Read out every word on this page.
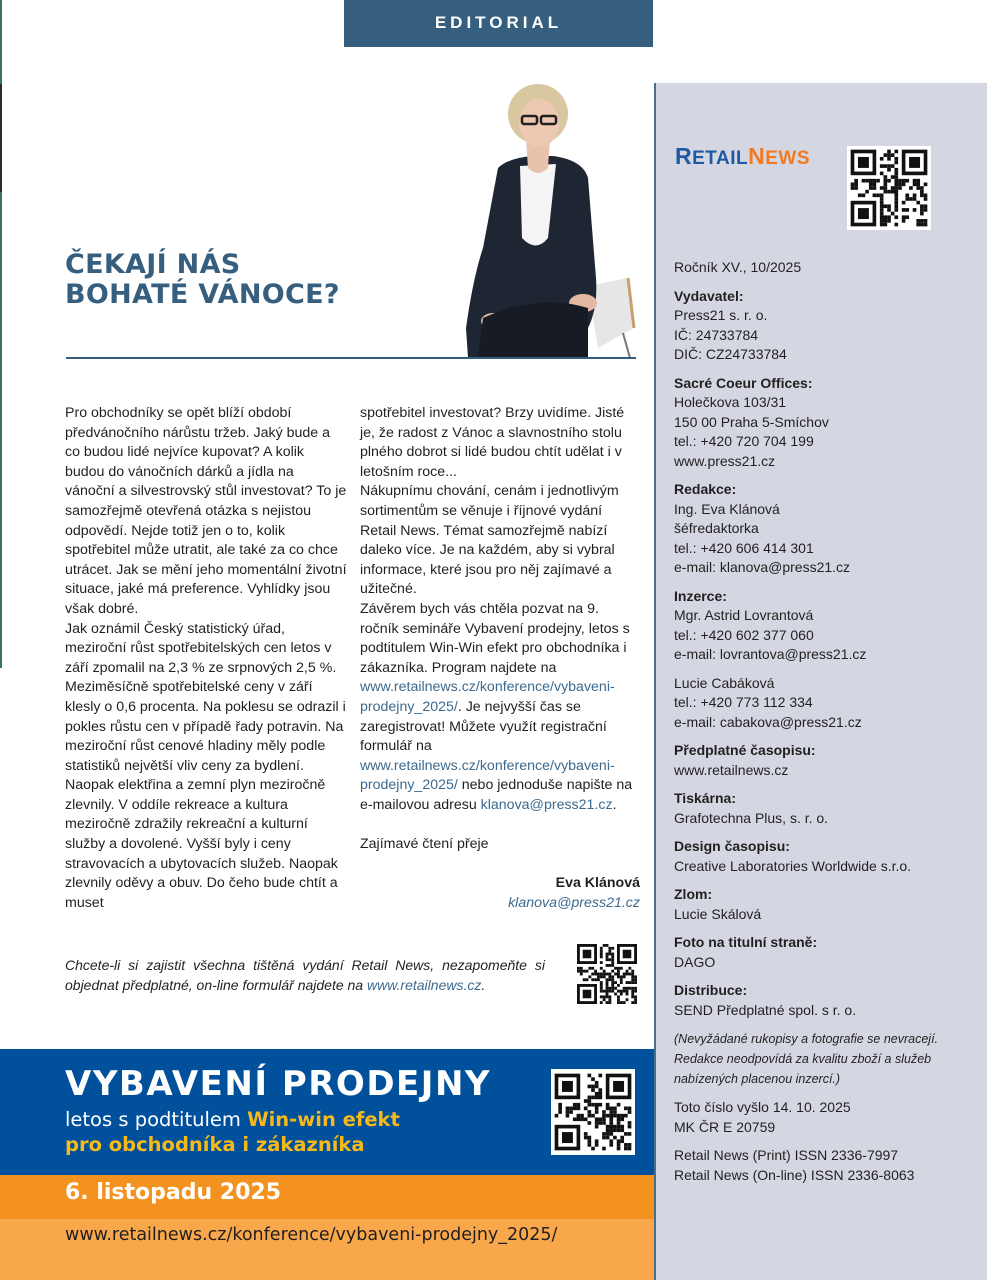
EDITORIAL
ČEKAJÍ NÁS
BOHATÉ VÁNOCE?

Pro obchodníky se opět blíží období předvánočního nárůstu tržeb. Jaký bude a co budou lidé nejvíce kupovat? A kolik budou do vánočních dárků a jídla na vánoční a silvestrovský stůl investovat? To je samozřejmě otevřená otázka s nejistou odpovědí. Nejde totiž jen o to, kolik spotřebitel může utratit, ale také za co chce utrácet. Jak se mění jeho momentální životní situace, jaké má preference. Vyhlídky jsou však dobré.

Jak oznámil Český statistický úřad, meziroční růst spotřebitelských cen letos v září zpomalil na 2,3 % ze srpnových 2,5 %. Meziměsíčně spotřebitelské ceny v září klesly o 0,6 procenta. Na poklesu se odrazil i pokles růstu cen v případě řady potravin. Na meziroční růst cenové hladiny měly podle statistiků největší vliv ceny za bydlení. Naopak elektřina a zemní plyn meziročně zlevnily. V oddíle rekreace a kultura meziročně zdražily rekreační a kulturní služby a dovolené. Vyšší byly i ceny stravovacích a ubytovacích služeb. Naopak zlevnily oděvy a obuv. Do čeho bude chtít a muset

spotřebitel investovat? Brzy uvidíme. Jisté je, že radost z Vánoc a slavnostního stolu plného dobrot si lidé budou chtít udělat i v letošním roce...

Nákupnímu chování, cenám i jednotlivým sortimentům se věnuje i říjnové vydání Retail News. Témat samozřejmě nabízí daleko více. Je na každém, aby si vybral informace, které jsou pro něj zajímavé a užitečné.

Závěrem bych vás chtěla pozvat na 9. ročník semináře Vybavení prodejny, letos s podtitulem Win-Win efekt pro obchodníka i zákazníka. Program najdete na www.retailnews.cz/konference/vybaveni-prodejny_2025/. Je nejvyšší čas se zaregistrovat! Můžete využít registrační formulář na www.retailnews.cz/konference/vybaveni-prodejny_2025/ nebo jednoduše napište na e-mailovou adresu klanova@press21.cz.

Zajímavé čtení přeje

Eva Klánová
klanova@press21.cz
Chcete-li si zajistit všechna tištěná vydání Retail News, nezapomeňte si objednat předplatné, on-line formulář najdete na www.retailnews.cz.
VYBAVENÍ PRODEJNY
letos s podtitulem Win-win efekt
pro obchodníka i zákazníka
6. listopadu 2025
www.retailnews.cz/konference/vybaveni-prodejny_2025/
RETAILNEWS
Ročník XV., 10/2025
Vydavatel:
Press21 s. r. o.
IČ: 24733784
DIČ: CZ24733784
Sacré Coeur Offices:
Holečkova 103/31
150 00 Praha 5-Smíchov
tel.: +420 720 704 199
www.press21.cz
Redakce:
Ing. Eva Klánová
šéfredaktorka
tel.: +420 606 414 301
e-mail: klanova@press21.cz
Inzerce:
Mgr. Astrid Lovrantová
tel.: +420 602 377 060
e-mail: lovrantova@press21.cz
Lucie Cabáková
tel.: +420 773 112 334
e-mail: cabakova@press21.cz
Předplatné časopisu:
www.retailnews.cz
Tiskárna:
Grafotechna Plus, s. r. o.
Design časopisu:
Creative Laboratories Worldwide s.r.o.
Zlom:
Lucie Skálová
Foto na titulní straně:
DAGO
Distribuce:
SEND Předplatné spol. s r. o.
(Nevyžádané rukopisy a fotografie se nevracejí. Redakce neodpovídá za kvalitu zboží a služeb nabízených placenou inzercí.)
Toto číslo vyšlo 14. 10. 2025
MK ČR E 20759
Retail News (Print) ISSN 2336-7997
Retail News (On-line) ISSN 2336-8063
